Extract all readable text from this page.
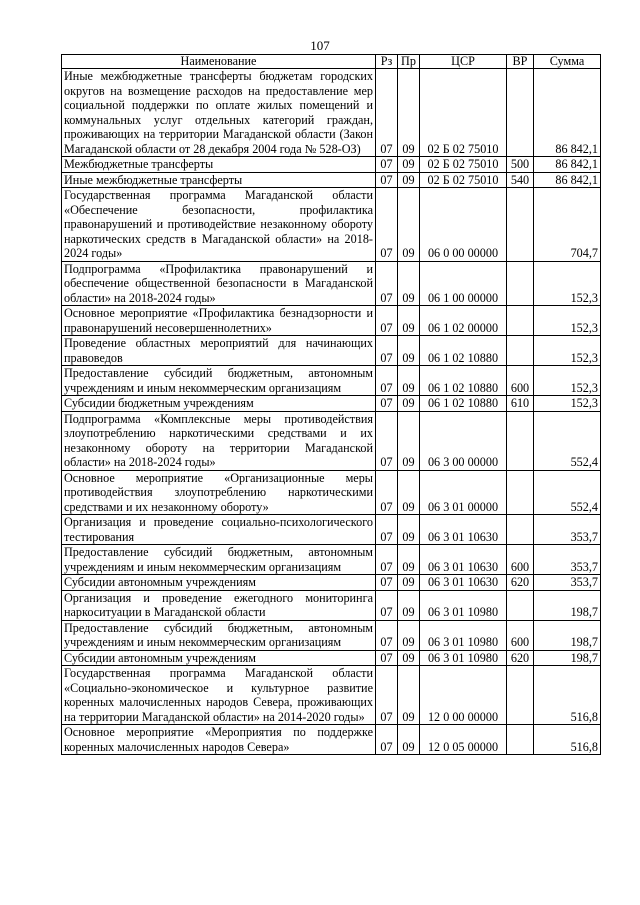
107
Наименование	Рз	Пр	ЦСР	ВР	Сумма
Иные межбюджетные трансферты бюджетам городских округов на возмещение расходов на предоставление мер социальной поддержки по оплате жилых помещений и коммунальных услуг отдельных категорий граждан, проживающих на территории Магаданской области (Закон Магаданской области от 28 декабря 2004 года № 528-ОЗ)	07	09	02 Б 02 75010		86 842,1
Межбюджетные трансферты	07	09	02 Б 02 75010	500	86 842,1
Иные межбюджетные трансферты	07	09	02 Б 02 75010	540	86 842,1
Государственная программа Магаданской области «Обеспечение безопасности, профилактика правонарушений и противодействие незаконному обороту наркотических средств в Магаданской области» на 2018-2024 годы»	07	09	06 0 00 00000		704,7
Подпрограмма «Профилактика правонарушений и обеспечение общественной безопасности в Магаданской области» на 2018-2024 годы»	07	09	06 1 00 00000		152,3
Основное мероприятие «Профилактика безнадзорности и правонарушений несовершеннолетних»	07	09	06 1 02 00000		152,3
Проведение областных мероприятий для начинающих правоведов	07	09	06 1 02 10880		152,3
Предоставление субсидий бюджетным, автономным учреждениям и иным некоммерческим организациям	07	09	06 1 02 10880	600	152,3
Субсидии бюджетным учреждениям	07	09	06 1 02 10880	610	152,3
Подпрограмма «Комплексные меры противодействия злоупотреблению наркотическими средствами и их незаконному обороту на территории Магаданской области» на 2018-2024 годы»	07	09	06 3 00 00000		552,4
Основное мероприятие «Организационные меры противодействия злоупотреблению наркотическими средствами и их незаконному обороту»	07	09	06 3 01 00000		552,4
Организация и проведение социально-психологического тестирования	07	09	06 3 01 10630		353,7
Предоставление субсидий бюджетным, автономным учреждениям и иным некоммерческим организациям	07	09	06 3 01 10630	600	353,7
Субсидии автономным учреждениям	07	09	06 3 01 10630	620	353,7
Организация и проведение ежегодного мониторинга наркоситуации в Магаданской области	07	09	06 3 01 10980		198,7
Предоставление субсидий бюджетным, автономным учреждениям и иным некоммерческим организациям	07	09	06 3 01 10980	600	198,7
Субсидии автономным учреждениям	07	09	06 3 01 10980	620	198,7
Государственная программа Магаданской области «Социально-экономическое и культурное развитие коренных малочисленных народов Севера, проживающих на территории Магаданской области» на 2014-2020 годы»	07	09	12 0 00 00000		516,8
Основное мероприятие «Мероприятия по поддержке коренных малочисленных народов Севера»	07	09	12 0 05 00000		516,8
